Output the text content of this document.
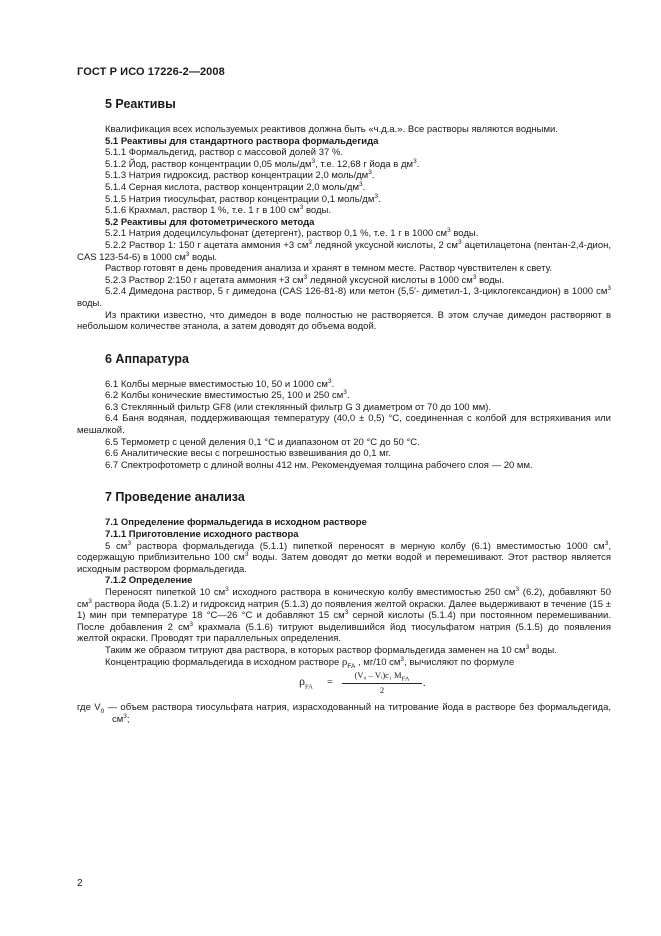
ГОСТ Р ИСО 17226-2—2008
5 Реактивы

Квалификация всех используемых реактивов должна быть «ч.д.а.». Все растворы являются водными.

5.1 Реактивы для стандартного раствора формальдегида

5.1.1 Формальдегид, раствор с массовой долей 37 %.

5.1.2 Йод, раствор концентрации 0,05 моль/$дм^3$, т.е. 12,68 г йода в $дм^3$.

5.1.3 Натрия гидроксид, раствор концентрации 2,0 моль/$дм^3$.

5.1.4 Серная кислота, раствор концентрации 2,0 моль/$дм^3$.

5.1.5 Натрия тиосульфат, раствор концентрации 0,1 моль/$дм^3$.

5.1.6 Крахмал, раствор 1 %, т.е. 1 г в 100 $см^3$ воды.

5.2 Реактивы для фотометрического метода

5.2.1 Натрия додецилсульфонат (детергент), раствор 0,1 %, т.е. 1 г в 1000 $см^3$ воды.

5.2.2 Раствор 1: 150 г ацетата аммония +3 $см^3$ ледяной уксусной кислоты, 2 $см^3$ ацетилацетона (пентан-2,4-дион, CAS 123-54-6) в 1000 $см^3$ воды.

Раствор готовят в день проведения анализа и хранят в темном месте. Раствор чувствителен к свету.

5.2.3 Раствор 2:150 г ацетата аммония +3 $см^3$ ледяной уксусной кислоты в 1000 $см^3$ воды.

5.2.4 Димедона раствор, 5 г димедона (CAS 126-81-8) или метон (5,5′- диметил-1, 3-циклогександион) в 1000 $см^3$ воды.

Из практики известно, что димедон в воде полностью не растворяется. В этом случае димедон растворяют в небольшом количестве этанола, а затем доводят до объема водой.

6 Аппаратура

6.1 Колбы мерные вместимостью 10, 50 и 1000 $см^3$.

6.2 Колбы конические вместимостью 25, 100 и 250 $см^3$.

6.3 Стеклянный фильтр GF8 (или стеклянный фильтр G 3 диаметром от 70 до 100 мм).

6.4 Баня водяная, поддерживающая температуру (40,0 ± 0,5) °С, соединенная с колбой для встряхивания или мешалкой.

6.5 Термометр с ценой деления 0,1 °С и диапазоном от 20 °С до 50 °С.

6.6 Аналитические весы с погрешностью взвешивания до 0,1 мг.

6.7 Спектрофотометр с длиной волны 412 нм. Рекомендуемая толщина рабочего слоя — 20 мм.

7 Проведение анализа

7.1 Определение формальдегида в исходном растворе

7.1.1 Приготовление исходного раствора

5 $см^3$ раствора формальдегида (5.1.1) пипеткой переносят в мерную колбу (6.1) вместимостью 1000 $см^3$, содержащую приблизительно 100 $см^3$ воды. Затем доводят до метки водой и перемешивают. Этот раствор является исходным раствором формальдегида.

7.1.2 Определение

Переносят пипеткой 10 $см^3$ исходного раствора в коническую колбу вместимостью 250 $см^3$ (6.2), добавляют 50 $см^3$ раствора йода (5.1.2) и гидроксид натрия (5.1.3) до появления желтой окраски. Далее выдерживают в течение (15 ± 1) мин при температуре 18 °С—26 °С и добавляют 15 $см^3$ серной кислоты (5.1.4) при постоянном перемешивании. После добавления 2 $см^3$ крахмала (5.1.6) титруют выделившийся йод тиосульфатом натрия (5.1.5) до появления желтой окраски. Проводят три параллельных определения.

Таким же образом титруют два раствора, в которых раствор формальдегида заменен на 10 $см^3$ воды.

Концентрацию формальдегида в исходном растворе $\rho_{FA}$ , мг/10 $см^3$, вычисляют по формуле

$\rho_{FA}$ =
(V₀ – Vᵢ)c₁ $M_{FA}$
2
.

где $V_0$ — объем раствора тиосульфата натрия, израсходованный на титрование йода в растворе без формальдегида, $см^3$;

2
